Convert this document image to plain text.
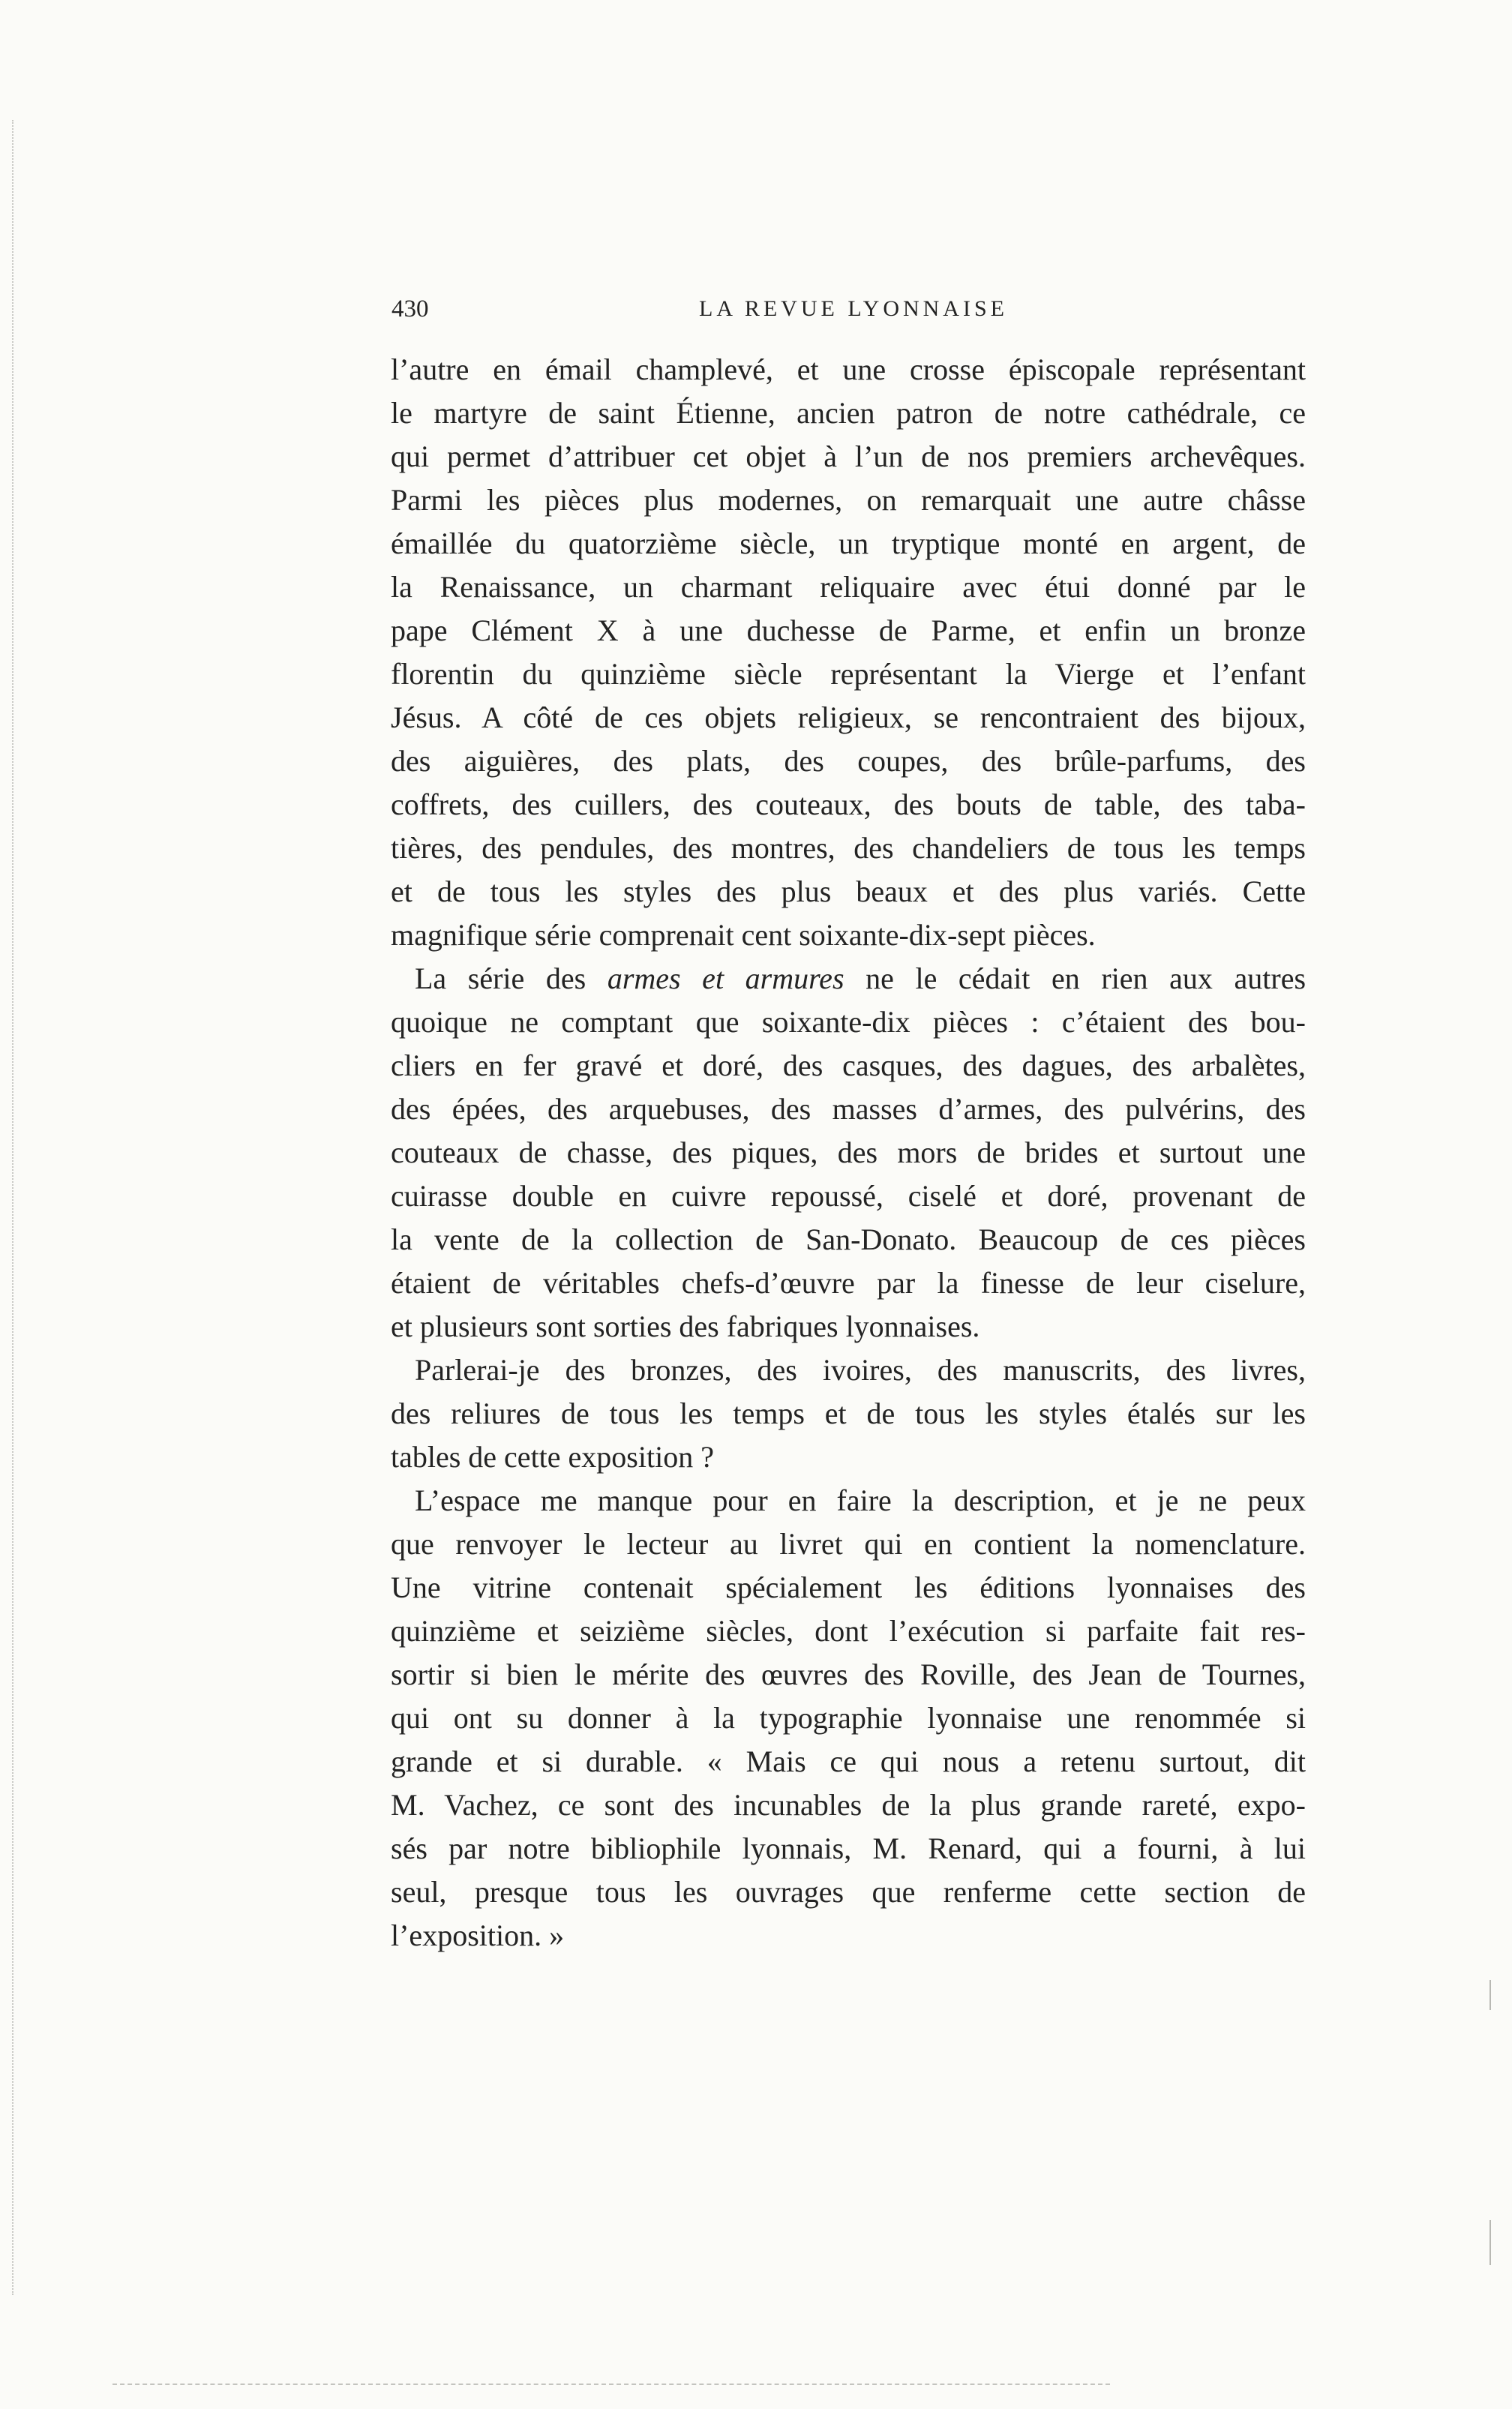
430	LA REVUE LYONNAISE
l’autre en émail champlevé, et une crosse épiscopale représentant
le martyre de saint Étienne, ancien patron de notre cathédrale, ce
qui permet d’attribuer cet objet à l’un de nos premiers archevêques.
Parmi les pièces plus modernes, on remarquait une autre châsse
émaillée du quatorzième siècle, un tryptique monté en argent, de
la Renaissance, un charmant reliquaire avec étui donné par le
pape Clément X à une duchesse de Parme, et enfin un bronze
florentin du quinzième siècle représentant la Vierge et l’enfant
Jésus. A côté de ces objets religieux, se rencontraient des bijoux,
des aiguières, des plats, des coupes, des brûle-parfums, des
coffrets, des cuillers, des couteaux, des bouts de table, des taba-
tières, des pendules, des montres, des chandeliers de tous les temps
et de tous les styles des plus beaux et des plus variés. Cette
magnifique série comprenait cent soixante-dix-sept pièces.
La série des armes et armures ne le cédait en rien aux autres
quoique ne comptant que soixante-dix pièces : c’étaient des bou-
cliers en fer gravé et doré, des casques, des dagues, des arbalètes,
des épées, des arquebuses, des masses d’armes, des pulvérins, des
couteaux de chasse, des piques, des mors de brides et surtout une
cuirasse double en cuivre repoussé, ciselé et doré, provenant de
la vente de la collection de San-Donato. Beaucoup de ces pièces
étaient de véritables chefs-d’œuvre par la finesse de leur ciselure,
et plusieurs sont sorties des fabriques lyonnaises.
Parlerai-je des bronzes, des ivoires, des manuscrits, des livres,
des reliures de tous les temps et de tous les styles étalés sur les
tables de cette exposition ?
L’espace me manque pour en faire la description, et je ne peux
que renvoyer le lecteur au livret qui en contient la nomenclature.
Une vitrine contenait spécialement les éditions lyonnaises des
quinzième et seizième siècles, dont l’exécution si parfaite fait res-
sortir si bien le mérite des œuvres des Roville, des Jean de Tournes,
qui ont su donner à la typographie lyonnaise une renommée si
grande et si durable. « Mais ce qui nous a retenu surtout, dit
M. Vachez, ce sont des incunables de la plus grande rareté, expo-
sés par notre bibliophile lyonnais, M. Renard, qui a fourni, à lui
seul, presque tous les ouvrages que renferme cette section de
l’exposition. »
